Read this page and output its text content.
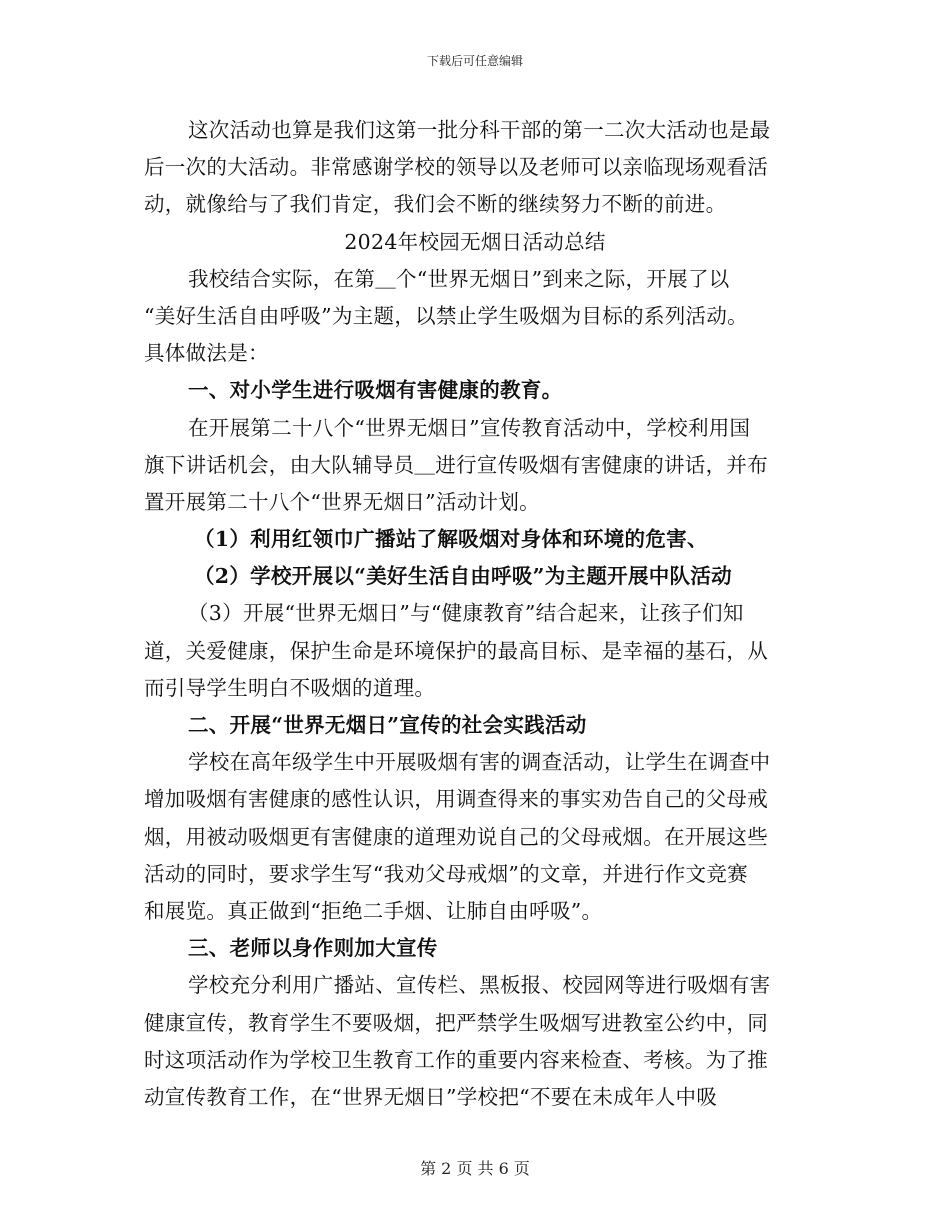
下载后可任意编辑
这次活动也算是我们这第一批分科干部的第一二次大活动也是最
后一次的大活动。非常感谢学校的领导以及老师可以亲临现场观看活
动，就像给与了我们肯定，我们会不断的继续努力不断的前进。
2024年校园无烟日活动总结
我校结合实际，在第＿个“世界无烟日”到来之际，开展了以
“美好生活自由呼吸”为主题，以禁止学生吸烟为目标的系列活动。
具体做法是：
一、对小学生进行吸烟有害健康的教育。
在开展第二十八个“世界无烟日”宣传教育活动中，学校利用国
旗下讲话机会，由大队辅导员＿进行宣传吸烟有害健康的讲话，并布
置开展第二十八个“世界无烟日”活动计划。
（1）利用红领巾广播站了解吸烟对身体和环境的危害、
（2）学校开展以“美好生活自由呼吸”为主题开展中队活动
（3）开展“世界无烟日”与“健康教育”结合起来，让孩子们知
道，关爱健康，保护生命是环境保护的最高目标、是幸福的基石，从
而引导学生明白不吸烟的道理。
二、开展“世界无烟日”宣传的社会实践活动
学校在高年级学生中开展吸烟有害的调查活动，让学生在调查中
增加吸烟有害健康的感性认识，用调查得来的事实劝告自己的父母戒
烟，用被动吸烟更有害健康的道理劝说自己的父母戒烟。在开展这些
活动的同时，要求学生写“我劝父母戒烟”的文章，并进行作文竞赛
和展览。真正做到“拒绝二手烟、让肺自由呼吸”。
三、老师以身作则加大宣传
学校充分利用广播站、宣传栏、黑板报、校园网等进行吸烟有害
健康宣传，教育学生不要吸烟，把严禁学生吸烟写进教室公约中，同
时这项活动作为学校卫生教育工作的重要内容来检查、考核。为了推
动宣传教育工作，在“世界无烟日”学校把“不要在未成年人中吸
第 2 页 共 6 页
